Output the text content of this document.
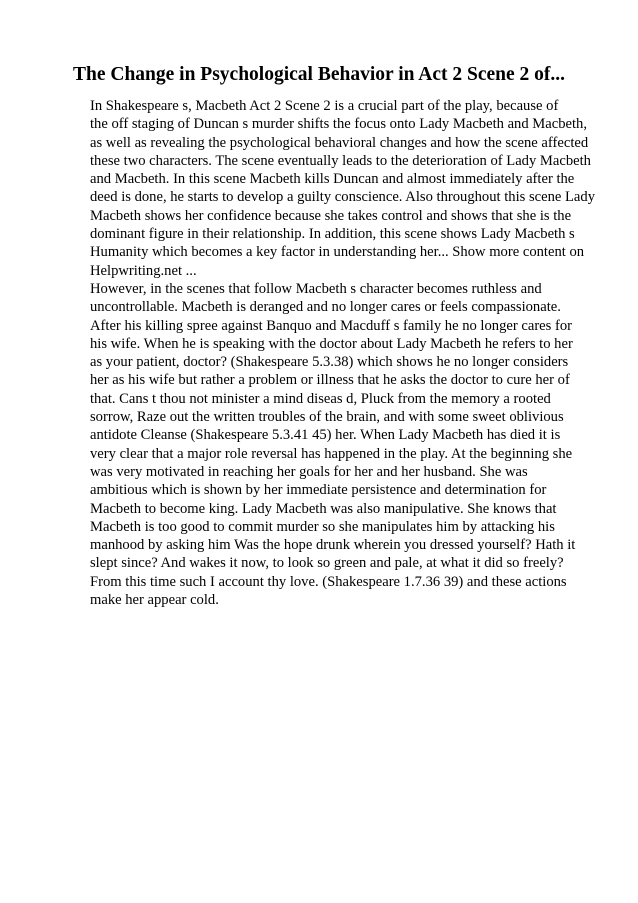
The Change in Psychological Behavior in Act 2 Scene 2 of...
In Shakespeare s, Macbeth Act 2 Scene 2 is a crucial part of the play, because of
the off staging of Duncan s murder shifts the focus onto Lady Macbeth and Macbeth,
as well as revealing the psychological behavioral changes and how the scene affected
these two characters. The scene eventually leads to the deterioration of Lady Macbeth
and Macbeth. In this scene Macbeth kills Duncan and almost immediately after the
deed is done, he starts to develop a guilty conscience. Also throughout this scene Lady
Macbeth shows her confidence because she takes control and shows that she is the
dominant figure in their relationship. In addition, this scene shows Lady Macbeth s
Humanity which becomes a key factor in understanding her... Show more content on
Helpwriting.net ...
However, in the scenes that follow Macbeth s character becomes ruthless and
uncontrollable. Macbeth is deranged and no longer cares or feels compassionate.
After his killing spree against Banquo and Macduff s family he no longer cares for
his wife. When he is speaking with the doctor about Lady Macbeth he refers to her
as your patient, doctor? (Shakespeare 5.3.38) which shows he no longer considers
her as his wife but rather a problem or illness that he asks the doctor to cure her of
that. Cans t thou not minister a mind diseas d, Pluck from the memory a rooted
sorrow, Raze out the written troubles of the brain, and with some sweet oblivious
antidote Cleanse (Shakespeare 5.3.41 45) her. When Lady Macbeth has died it is
very clear that a major role reversal has happened in the play. At the beginning she
was very motivated in reaching her goals for her and her husband. She was
ambitious which is shown by her immediate persistence and determination for
Macbeth to become king. Lady Macbeth was also manipulative. She knows that
Macbeth is too good to commit murder so she manipulates him by attacking his
manhood by asking him Was the hope drunk wherein you dressed yourself? Hath it
slept since? And wakes it now, to look so green and pale, at what it did so freely?
From this time such I account thy love. (Shakespeare 1.7.36 39) and these actions
make her appear cold.
